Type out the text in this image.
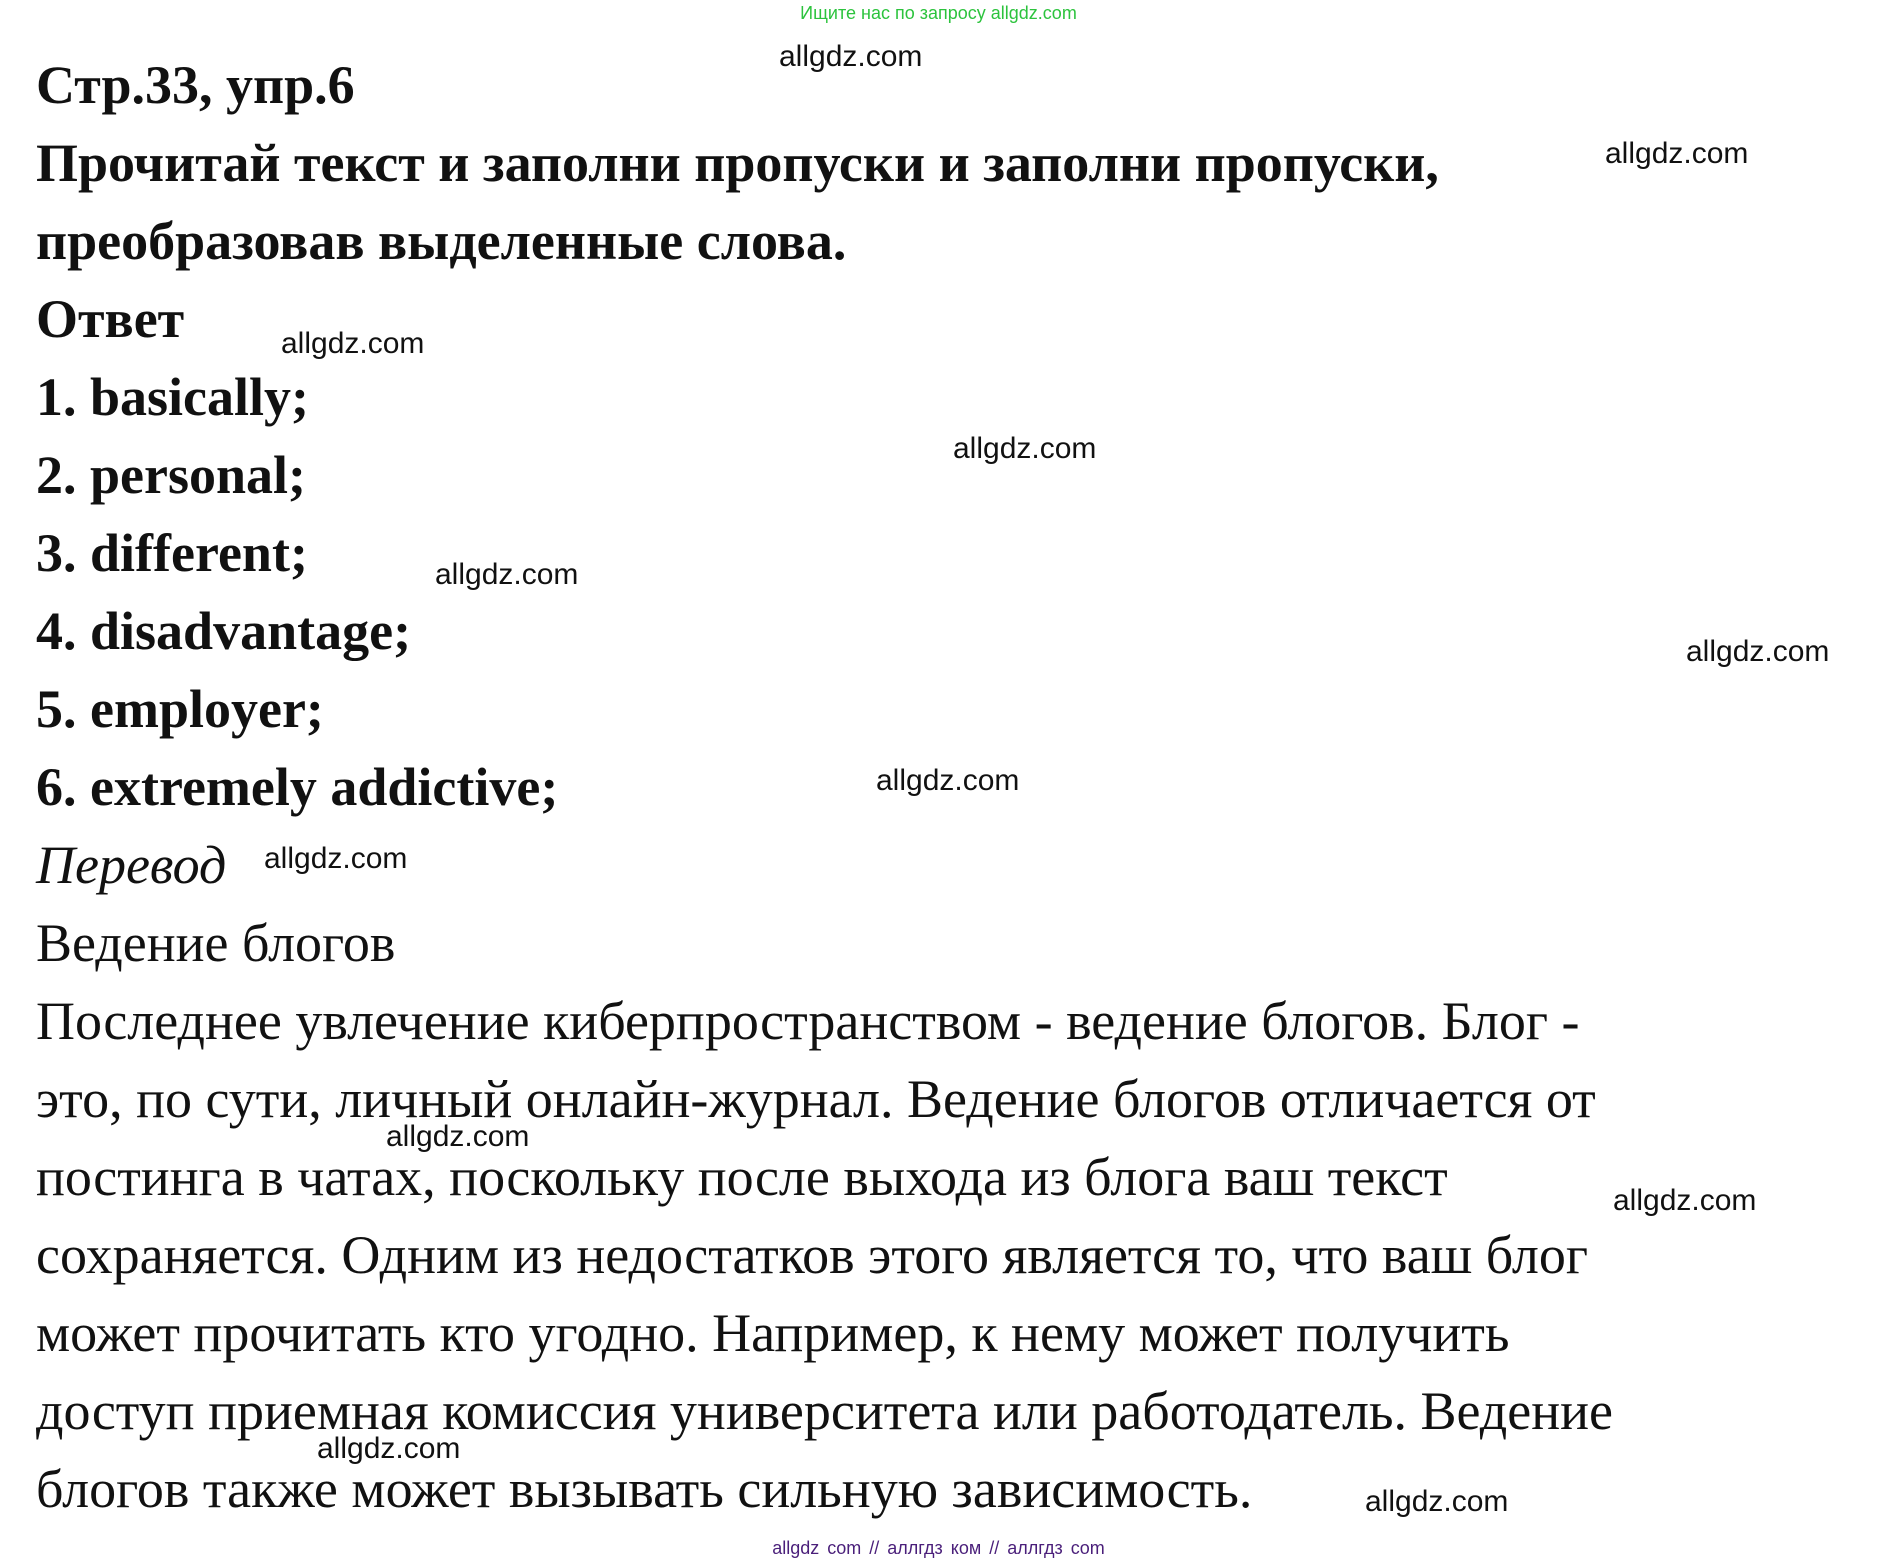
Ищите нас по запросу allgdz.com
Стр.33, упр.6
Прочитай текст и заполни пропуски и заполни пропуски,
преобразовав выделенные слова.
Ответ
1. basically;
2. personal;
3. different;
4. disadvantage;
5. employer;
6. extremely addictive;
Перевод
Ведение блогов
Последнее увлечение киберпространством - ведение блогов. Блог -
это, по сути, личный онлайн-журнал. Ведение блогов отличается от
постинга в чатах, поскольку после выхода из блога ваш текст
сохраняется. Одним из недостатков этого является то, что ваш блог
может прочитать кто угодно. Например, к нему может получить
доступ приемная комиссия университета или работодатель. Ведение
блогов также может вызывать сильную зависимость.
allgdz.com
allgdz.com
allgdz.com
allgdz.com
allgdz.com
allgdz.com
allgdz.com
allgdz.com
allgdz.com
allgdz.com
allgdz.com
allgdz.com
allgdz com // аллгдз ком // аллгдз com
